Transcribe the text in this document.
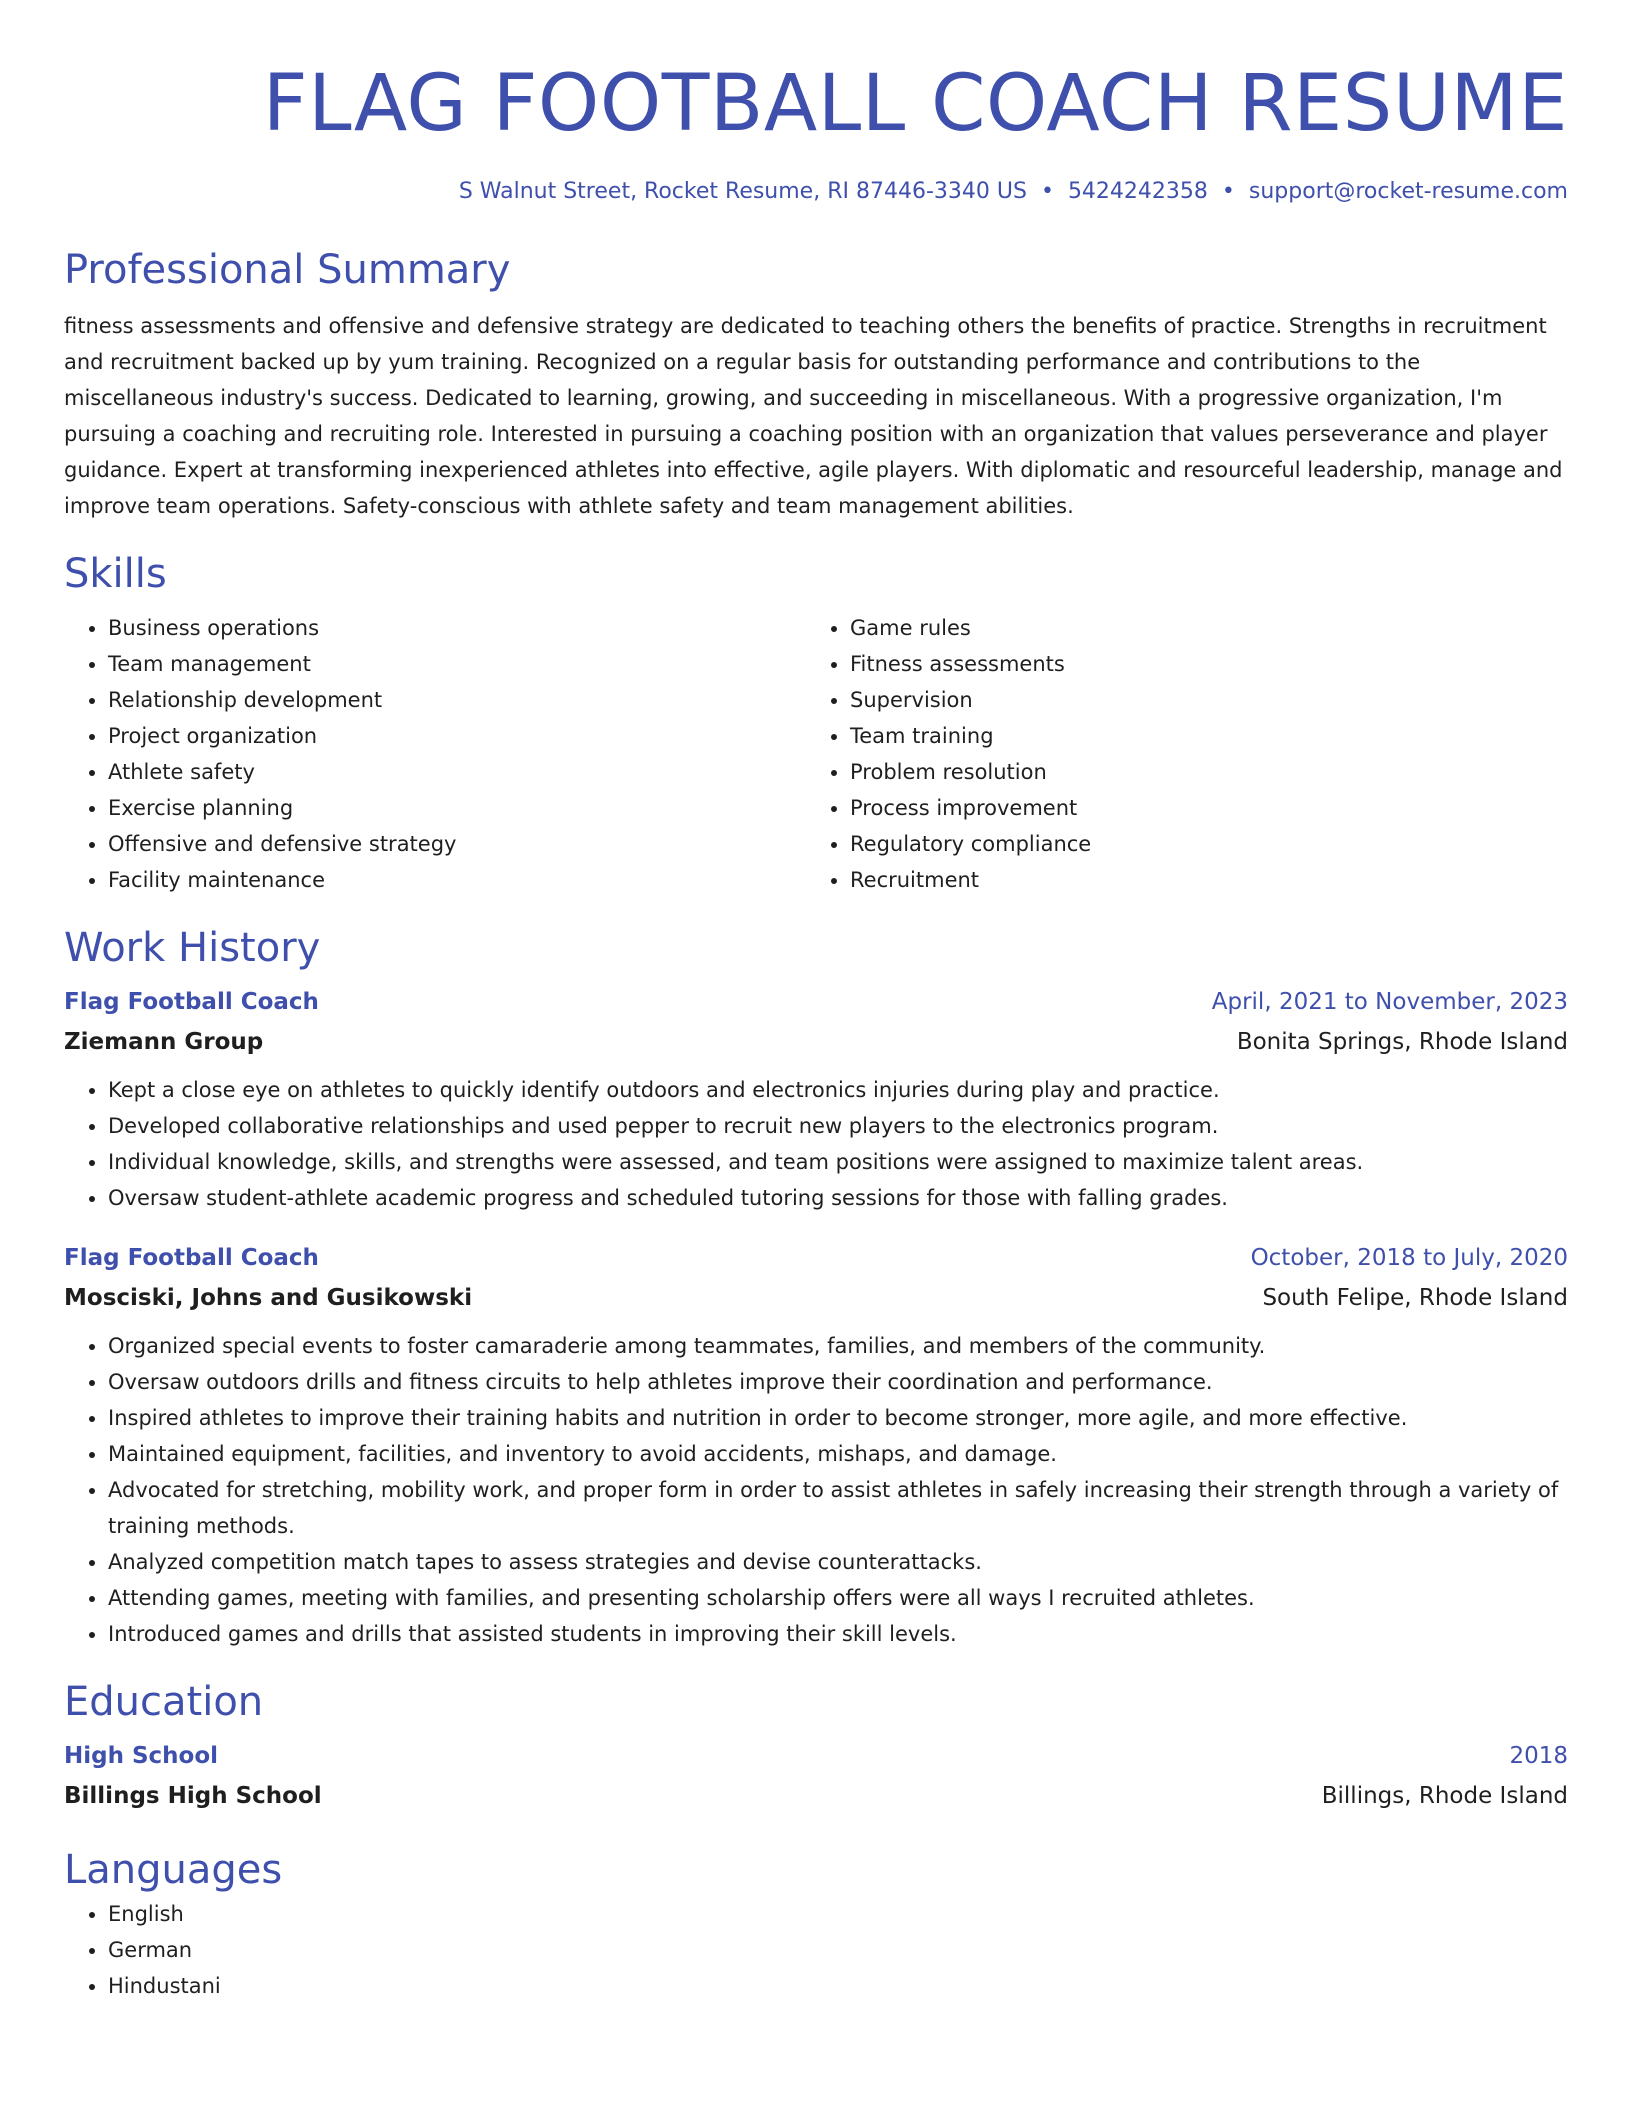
FLAG FOOTBALL COACH RESUME
S Walnut Street, Rocket Resume, RI 87446-3340 US • 5424242358 • support@rocket-resume.com
Professional Summary
fitness assessments and offensive and defensive strategy are dedicated to teaching others the benefits of practice. Strengths in recruitment and recruitment backed up by yum training. Recognized on a regular basis for outstanding performance and contributions to the miscellaneous industry's success. Dedicated to learning, growing, and succeeding in miscellaneous. With a progressive organization, I'm pursuing a coaching and recruiting role. Interested in pursuing a coaching position with an organization that values perseverance and player guidance. Expert at transforming inexperienced athletes into effective, agile players. With diplomatic and resourceful leadership, manage and improve team operations. Safety-conscious with athlete safety and team management abilities.
Skills
• Business operations
• Team management
• Relationship development
• Project organization
• Athlete safety
• Exercise planning
• Offensive and defensive strategy
• Facility maintenance
• Game rules
• Fitness assessments
• Supervision
• Team training
• Problem resolution
• Process improvement
• Regulatory compliance
• Recruitment
Work History
Flag Football Coach	April, 2021 to November, 2023
Ziemann Group	Bonita Springs, Rhode Island
• Kept a close eye on athletes to quickly identify outdoors and electronics injuries during play and practice.
• Developed collaborative relationships and used pepper to recruit new players to the electronics program.
• Individual knowledge, skills, and strengths were assessed, and team positions were assigned to maximize talent areas.
• Oversaw student-athlete academic progress and scheduled tutoring sessions for those with falling grades.
Flag Football Coach	October, 2018 to July, 2020
Mosciski, Johns and Gusikowski	South Felipe, Rhode Island
• Organized special events to foster camaraderie among teammates, families, and members of the community.
• Oversaw outdoors drills and fitness circuits to help athletes improve their coordination and performance.
• Inspired athletes to improve their training habits and nutrition in order to become stronger, more agile, and more effective.
• Maintained equipment, facilities, and inventory to avoid accidents, mishaps, and damage.
• Advocated for stretching, mobility work, and proper form in order to assist athletes in safely increasing their strength through a variety of training methods.
• Analyzed competition match tapes to assess strategies and devise counterattacks.
• Attending games, meeting with families, and presenting scholarship offers were all ways I recruited athletes.
• Introduced games and drills that assisted students in improving their skill levels.
Education
High School	2018
Billings High School	Billings, Rhode Island
Languages
• English
• German
• Hindustani
